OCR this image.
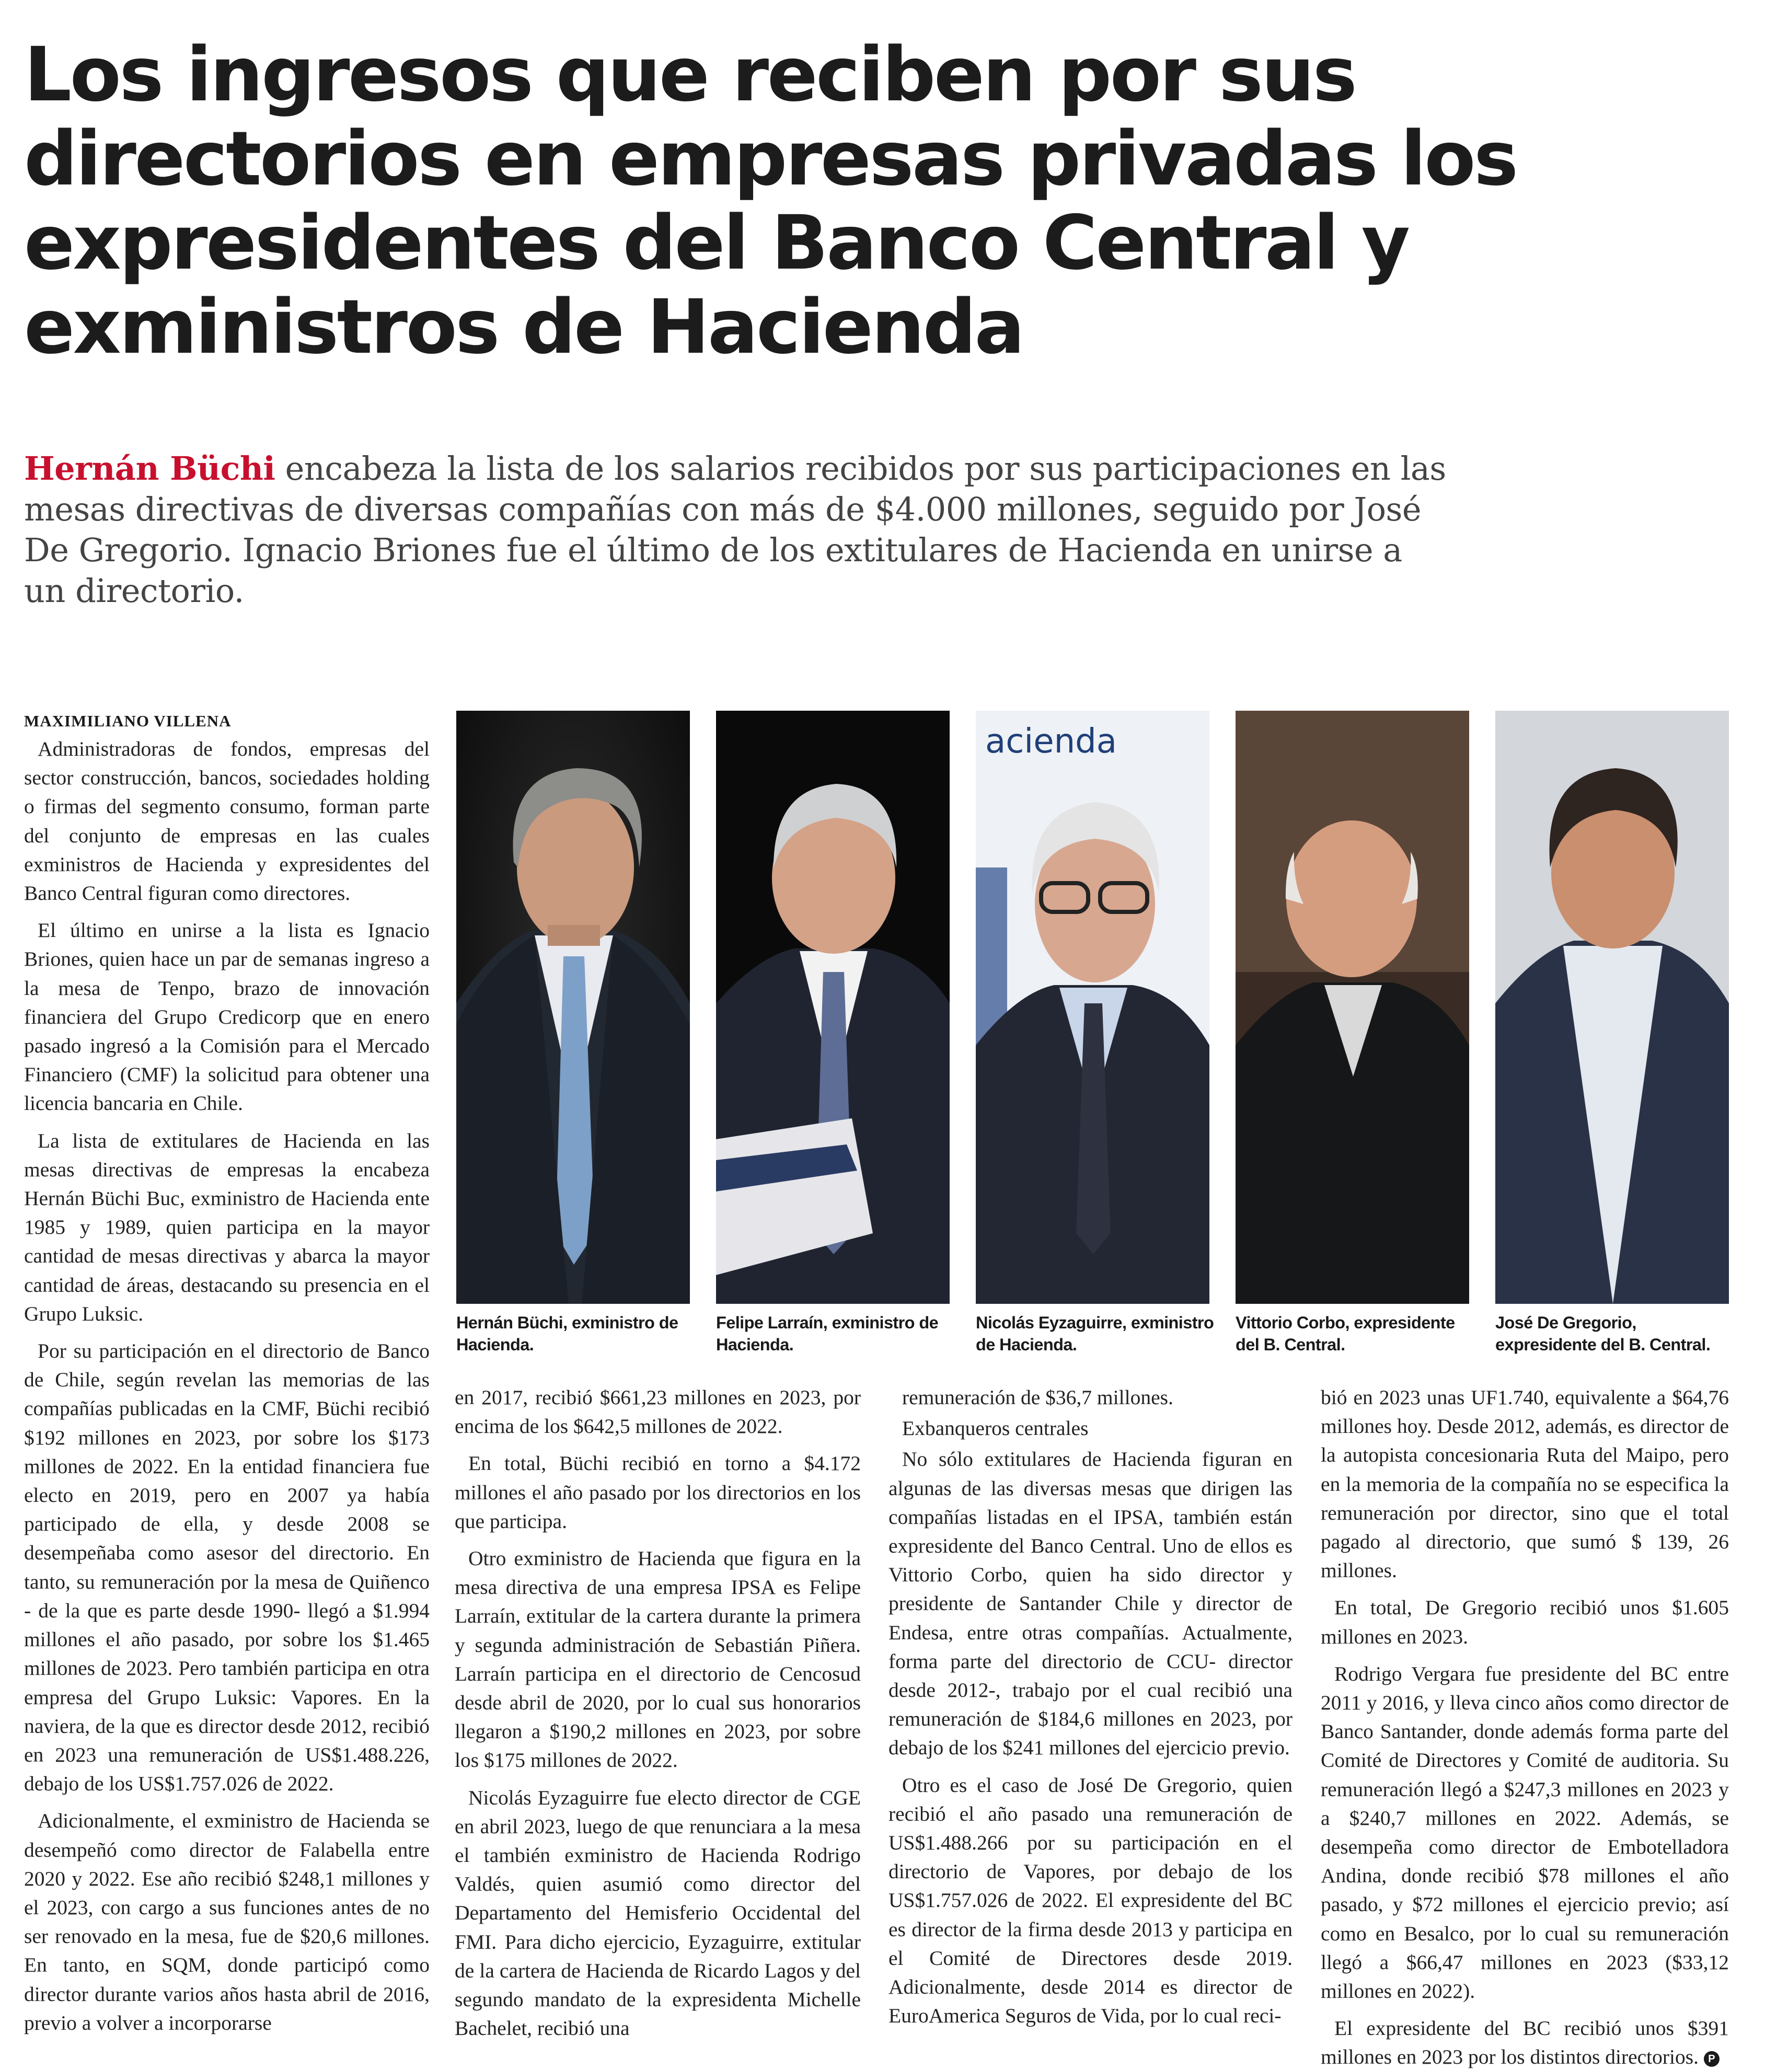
Los ingresos que reciben por sus directorios en empresas privadas los expresidentes del Banco Central y exministros de Hacienda

Hernán Büchi encabeza la lista de los salarios recibidos por sus participaciones en las mesas directivas de diversas compañías con más de $4.000 millones, seguido por José De Gregorio. Ignacio Briones fue el último de los extitulares de Hacienda en unirse a un directorio.

MAXIMILIANO VILLENA

Administradoras de fondos, empresas del sector construcción, bancos, sociedades holding o firmas del segmento consumo, forman parte del conjunto de empresas en las cuales exministros de Hacienda y expresidentes del Banco Central figuran como directores.

El último en unirse a la lista es Ignacio Briones, quien hace un par de semanas ingreso a la mesa de Tenpo, brazo de innovación financiera del Grupo Credicorp que en enero pasado ingresó a la Comisión para el Mercado Financiero (CMF) la solicitud para obtener una licencia bancaria en Chile.

La lista de extitulares de Hacienda en las mesas directivas de empresas la encabeza Hernán Büchi Buc, exministro de Hacienda ente 1985 y 1989, quien participa en la mayor cantidad de mesas directivas y abarca la mayor cantidad de áreas, destacando su presencia en el Grupo Luksic.

Por su participación en el directorio de Banco de Chile, según revelan las memorias de las compañías publicadas en la CMF, Büchi recibió $192 millones en 2023, por sobre los $173 millones de 2022. En la entidad financiera fue electo en 2019, pero en 2007 ya había participado de ella, y desde 2008 se desempeñaba como asesor del directorio. En tanto, su remuneración por la mesa de Quiñenco - de la que es parte desde 1990- llegó a $1.994 millones el año pasado, por sobre los $1.465 millones de 2023. Pero también participa en otra empresa del Grupo Luksic: Vapores. En la naviera, de la que es director desde 2012, recibió en 2023 una remuneración de US$1.488.226, debajo de los US$1.757.026 de 2022.

Adicionalmente, el exministro de Hacienda se desempeñó como director de Falabella entre 2020 y 2022. Ese año recibió $248,1 millones y el 2023, con cargo a sus funciones antes de no ser renovado en la mesa, fue de $20,6 millones. En tanto, en SQM, donde participó como director durante varios años hasta abril de 2016, previo a volver a incorporarse

acienda

Hernán Büchi, exministro de Hacienda.

Felipe Larraín, exministro de Hacienda.

Nicolás Eyzaguirre, exministro de Hacienda.

Vittorio Corbo, expresidente del B. Central.

José De Gregorio, expresidente del B. Central.

en 2017, recibió $661,23 millones en 2023, por encima de los $642,5 millones de 2022.

En total, Büchi recibió en torno a $4.172 millones el año pasado por los directorios en los que participa.

Otro exministro de Hacienda que figura en la mesa directiva de una empresa IPSA es Felipe Larraín, extitular de la cartera durante la primera y segunda administración de Sebastián Piñera. Larraín participa en el directorio de Cencosud desde abril de 2020, por lo cual sus honorarios llegaron a $190,2 millones en 2023, por sobre los $175 millones de 2022.

Nicolás Eyzaguirre fue electo director de CGE en abril 2023, luego de que renunciara a la mesa el también exministro de Hacienda Rodrigo Valdés, quien asumió como director del Departamento del Hemisferio Occidental del FMI. Para dicho ejercicio, Eyzaguirre, extitular de la cartera de Hacienda de Ricardo Lagos y del segundo mandato de la expresidenta Michelle Bachelet, recibió una

remuneración de $36,7 millones.

Exbanqueros centrales

No sólo extitulares de Hacienda figuran en algunas de las diversas mesas que dirigen las compañías listadas en el IPSA, también están expresidente del Banco Central. Uno de ellos es Vittorio Corbo, quien ha sido director y presidente de Santander Chile y director de Endesa, entre otras compañías. Actualmente, forma parte del directorio de CCU- director desde 2012-, trabajo por el cual recibió una remuneración de $184,6 millones en 2023, por debajo de los $241 millones del ejercicio previo.

Otro es el caso de José De Gregorio, quien recibió el año pasado una remuneración de US$1.488.266 por su participación en el directorio de Vapores, por debajo de los US$1.757.026 de 2022. El expresidente del BC es director de la firma desde 2013 y participa en el Comité de Directores desde 2019. Adicionalmente, desde 2014 es director de EuroAmerica Seguros de Vida, por lo cual reci-

bió en 2023 unas UF1.740, equivalente a $64,76 millones hoy. Desde 2012, además, es director de la autopista concesionaria Ruta del Maipo, pero en la memoria de la compañía no se especifica la remuneración por director, sino que el total pagado al directorio, que sumó $ 139, 26 millones.

En total, De Gregorio recibió unos $1.605 millones en 2023.

Rodrigo Vergara fue presidente del BC entre 2011 y 2016, y lleva cinco años como director de Banco Santander, donde además forma parte del Comité de Directores y Comité de auditoria. Su remuneración llegó a $247,3 millones en 2023 y a $240,7 millones en 2022. Además, se desempeña como director de Embotelladora Andina, donde recibió $78 millones el año pasado, y $72 millones el ejercicio previo; así como en Besalco, por lo cual su remuneración llegó a $66,47 millones en 2023 ($33,12 millones en 2022).

El expresidente del BC recibió unos $391 millones en 2023 por los distintos directorios. P
